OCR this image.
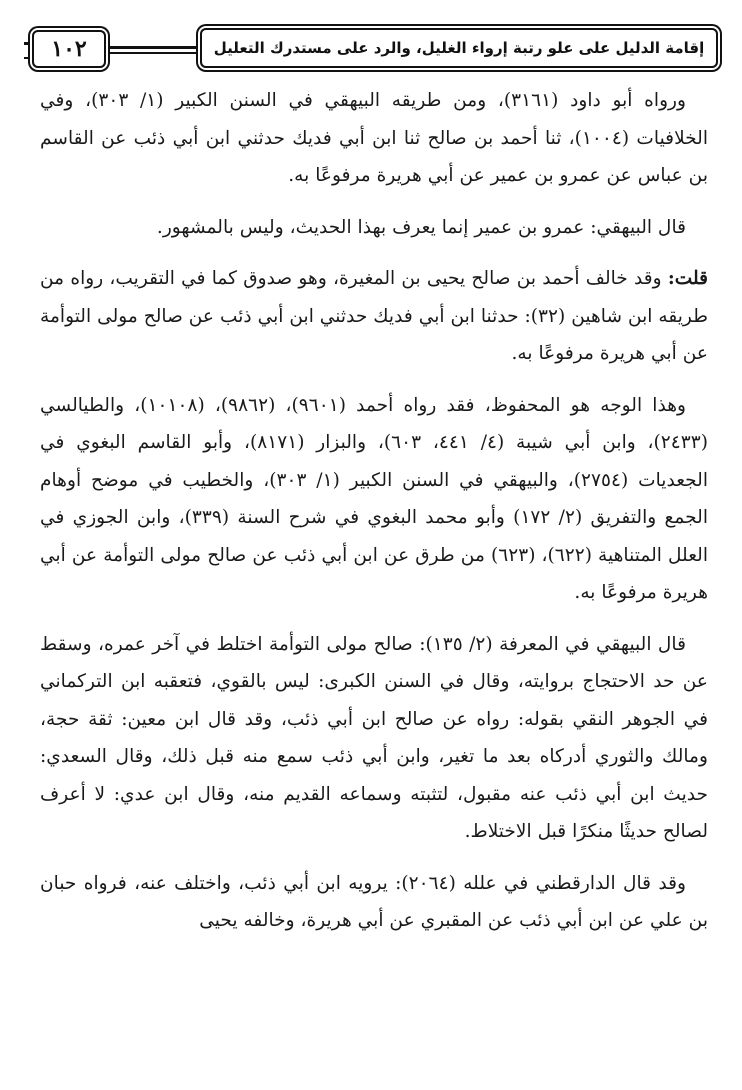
١٠٢	إقامة الدليل على علو رتبة إرواء الغليل، والرد على مستدرك التعليل

ورواه أبو داود (٣١٦١)، ومن طريقه البيهقي في السنن الكبير (١/ ٣٠٣)، وفي الخلافيات (١٠٠٤)، ثنا أحمد بن صالح ثنا ابن أبي فديك حدثني ابن أبي ذئب عن القاسم بن عباس عن عمرو بن عمير عن أبي هريرة مرفوعًا به.

قال البيهقي: عمرو بن عمير إنما يعرف بهذا الحديث، وليس بالمشهور.

قلت: وقد خالف أحمد بن صالح يحيى بن المغيرة، وهو صدوق كما في التقريب، رواه من طريقه ابن شاهين (٣٢): حدثنا ابن أبي فديك حدثني ابن أبي ذئب عن صالح مولى التوأمة عن أبي هريرة مرفوعًا به.

وهذا الوجه هو المحفوظ، فقد رواه أحمد (٩٦٠١)، (٩٨٦٢)، (١٠١٠٨)، والطيالسي (٢٤٣٣)، وابن أبي شيبة (٤/ ٤٤١، ٦٠٣)، والبزار (٨١٧١)، وأبو القاسم البغوي في الجعديات (٢٧٥٤)، والبيهقي في السنن الكبير (١/ ٣٠٣)، والخطيب في موضح أوهام الجمع والتفريق (٢/ ١٧٢) وأبو محمد البغوي في شرح السنة (٣٣٩)، وابن الجوزي في العلل المتناهية (٦٢٢)، (٦٢٣) من طرق عن ابن أبي ذئب عن صالح مولى التوأمة عن أبي هريرة مرفوعًا به.

قال البيهقي في المعرفة (٢/ ١٣٥): صالح مولى التوأمة اختلط في آخر عمره، وسقط عن حد الاحتجاج بروايته، وقال في السنن الكبرى: ليس بالقوي، فتعقبه ابن التركماني في الجوهر النقي بقوله: رواه عن صالح ابن أبي ذئب، وقد قال ابن معين: ثقة حجة، ومالك والثوري أدركاه بعد ما تغير، وابن أبي ذئب سمع منه قبل ذلك، وقال السعدي: حديث ابن أبي ذئب عنه مقبول، لتثبته وسماعه القديم منه، وقال ابن عدي: لا أعرف لصالح حديثًا منكرًا قبل الاختلاط.

وقد قال الدارقطني في علله (٢٠٦٤): يرويه ابن أبي ذئب، واختلف عنه، فرواه حبان بن علي عن ابن أبي ذئب عن المقبري عن أبي هريرة، وخالفه يحيى
